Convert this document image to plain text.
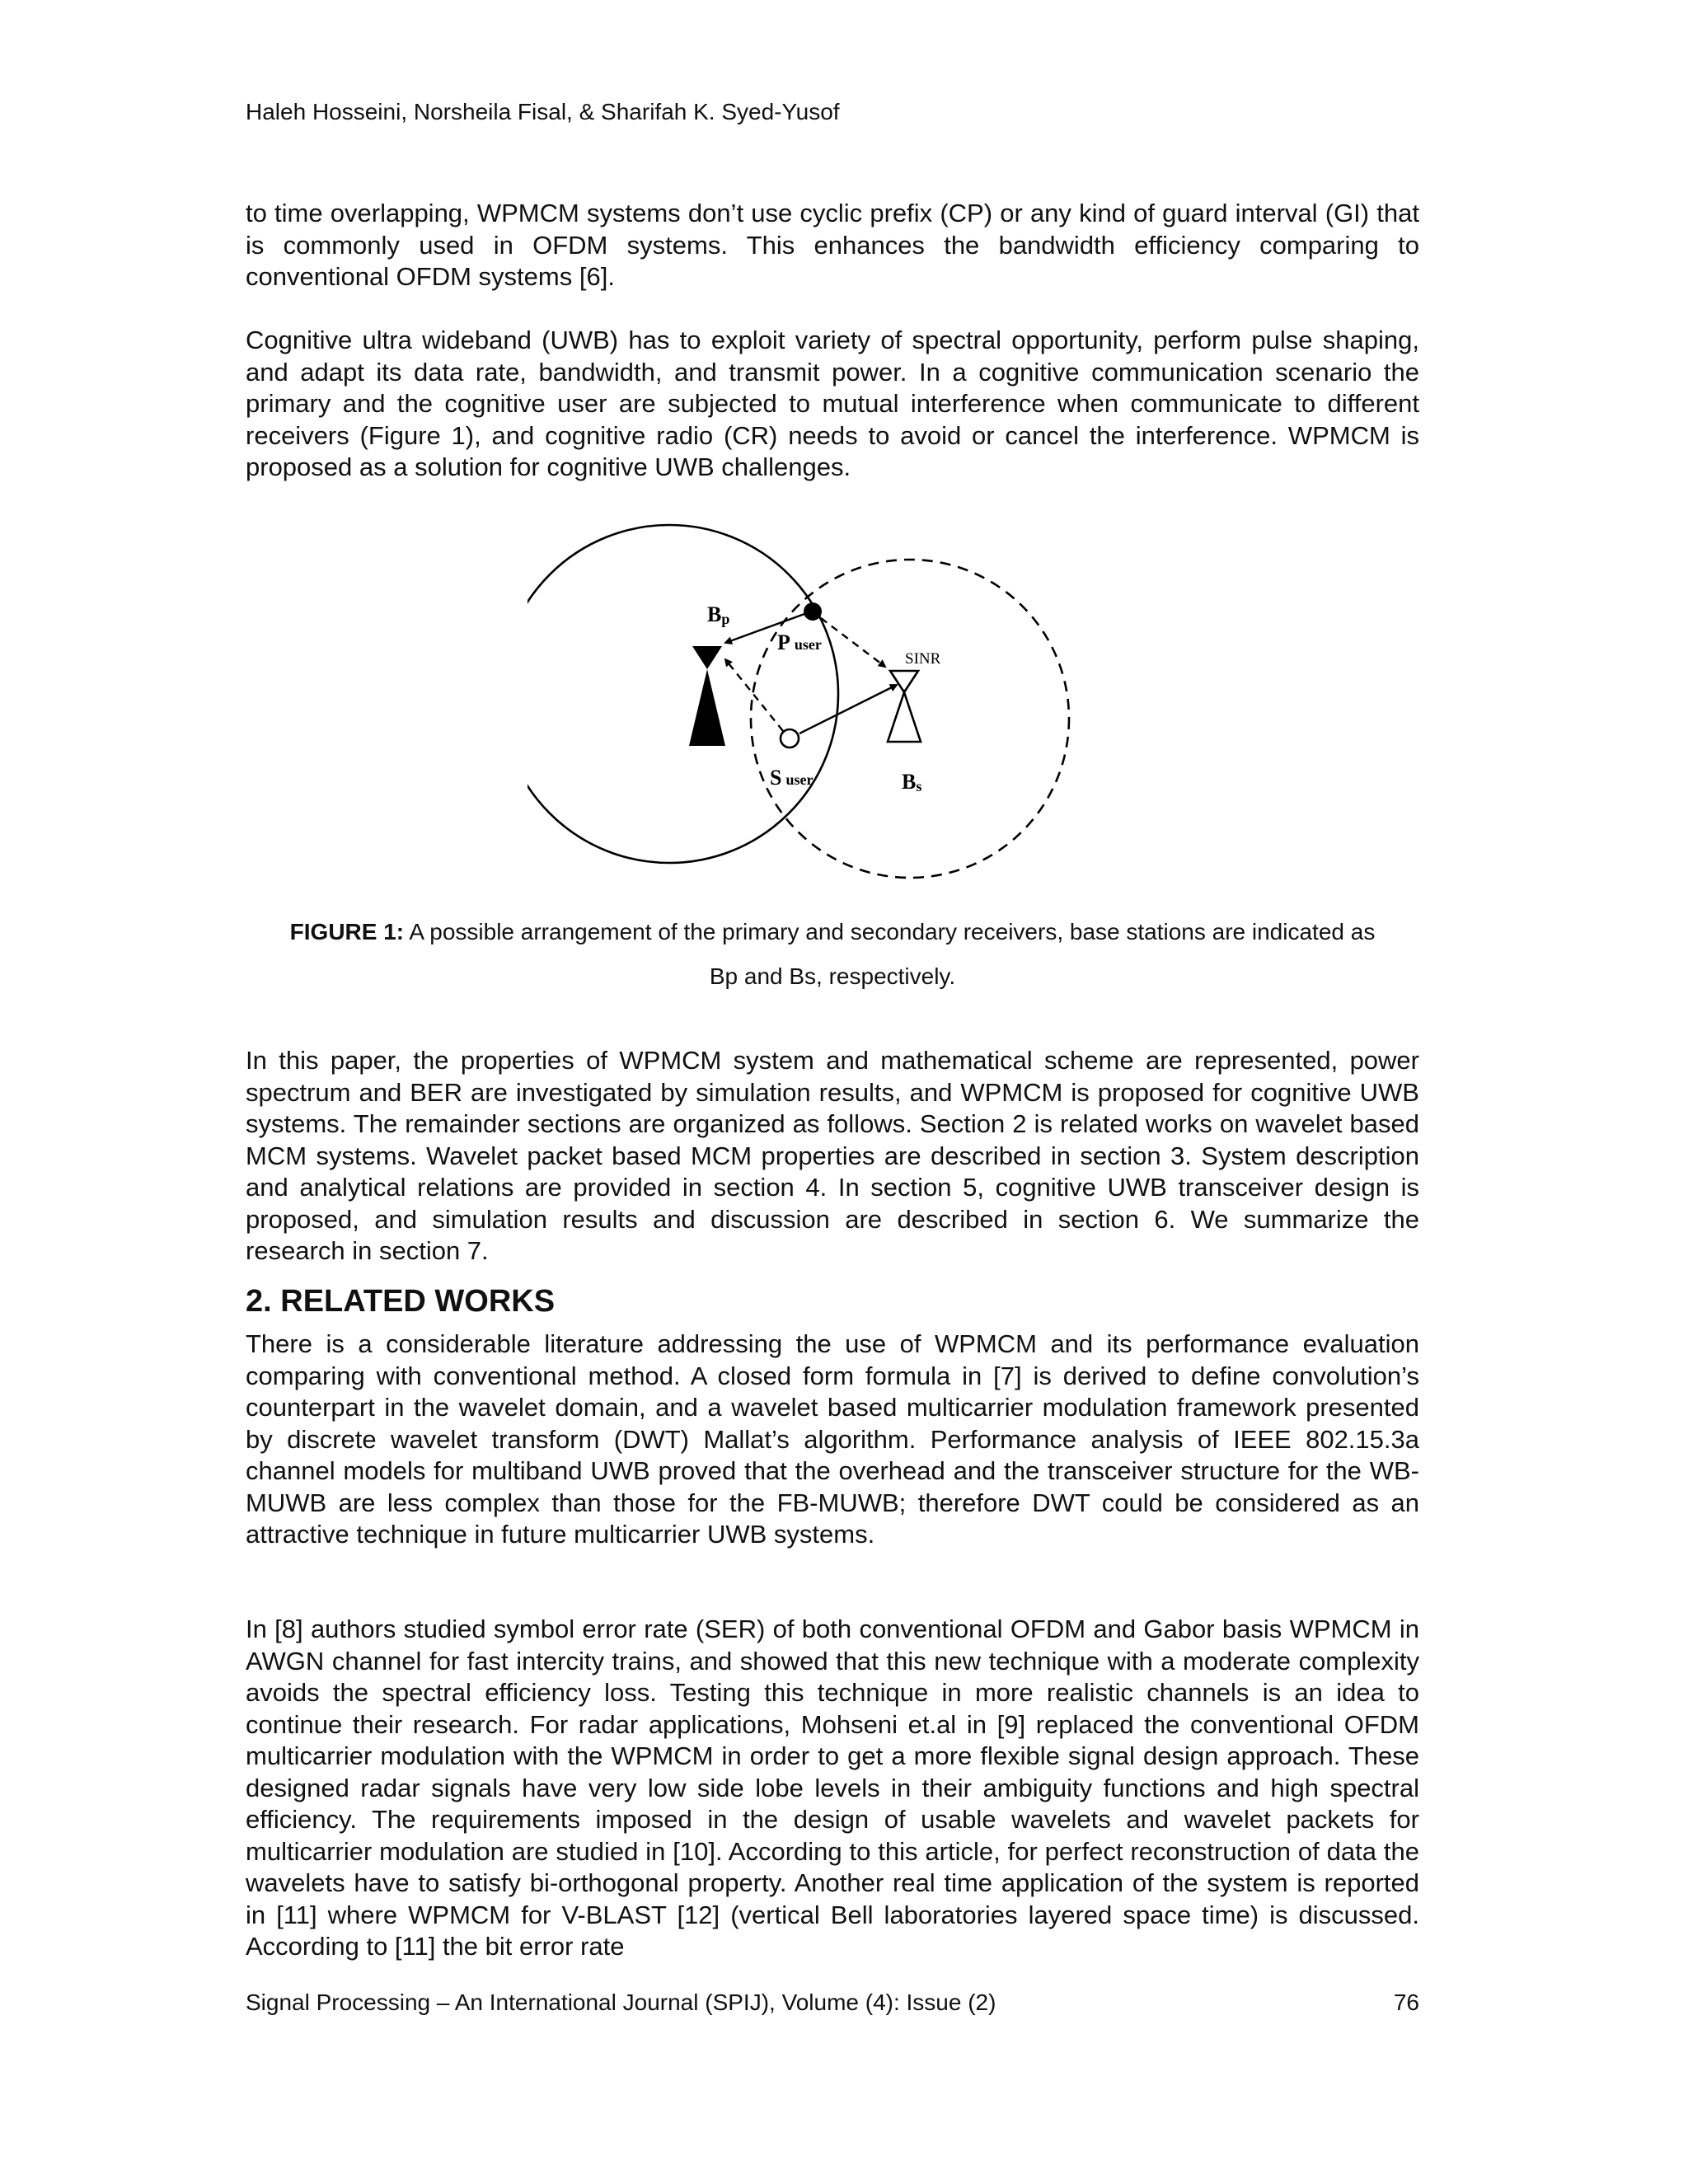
Haleh Hosseini, Norsheila Fisal, & Sharifah K. Syed-Yusof

to time overlapping, WPMCM systems don’t use cyclic prefix (CP) or any kind of guard interval (GI) that is commonly used in OFDM systems. This enhances the bandwidth efficiency comparing to conventional OFDM systems [6].

Cognitive ultra wideband (UWB) has to exploit variety of spectral opportunity, perform pulse shaping, and adapt its data rate, bandwidth, and transmit power. In a cognitive communication scenario the primary and the cognitive user are subjected to mutual interference when communicate to different receivers (Figure 1), and cognitive radio (CR) needs to avoid or cancel the interference. WPMCM is proposed as a solution for cognitive UWB challenges.

Bp
P user
SINR
S user	Bs
FIGURE 1: A possible arrangement of the primary and secondary receivers, base stations are indicated as
Bp and Bs, respectively.

In this paper, the properties of WPMCM system and mathematical scheme are represented, power spectrum and BER are investigated by simulation results, and WPMCM is proposed for cognitive UWB systems. The remainder sections are organized as follows. Section 2 is related works on wavelet based MCM systems. Wavelet packet based MCM properties are described in section 3. System description and analytical relations are provided in section 4. In section 5, cognitive UWB transceiver design is proposed, and simulation results and discussion are described in section 6. We summarize the research in section 7.

2. RELATED WORKS

There is a considerable literature addressing the use of WPMCM and its performance evaluation comparing with conventional method. A closed form formula in [7] is derived to define convolution’s counterpart in the wavelet domain, and a wavelet based multicarrier modulation framework presented by discrete wavelet transform (DWT) Mallat’s algorithm. Performance analysis of IEEE 802.15.3a channel models for multiband UWB proved that the overhead and the transceiver structure for the WB-MUWB are less complex than those for the FB-MUWB; therefore DWT could be considered as an attractive technique in future multicarrier UWB systems.

In [8] authors studied symbol error rate (SER) of both conventional OFDM and Gabor basis WPMCM in AWGN channel for fast intercity trains, and showed that this new technique with a moderate complexity avoids the spectral efficiency loss. Testing this technique in more realistic channels is an idea to continue their research. For radar applications, Mohseni et.al in [9] replaced the conventional OFDM multicarrier modulation with the WPMCM in order to get a more flexible signal design approach. These designed radar signals have very low side lobe levels in their ambiguity functions and high spectral efficiency. The requirements imposed in the design of usable wavelets and wavelet packets for multicarrier modulation are studied in [10]. According to this article, for perfect reconstruction of data the wavelets have to satisfy bi-orthogonal property. Another real time application of the system is reported in [11] where WPMCM for V-BLAST [12] (vertical Bell laboratories layered space time) is discussed. According to [11] the bit error rate

Signal Processing – An International Journal (SPIJ), Volume (4): Issue (2)	76
